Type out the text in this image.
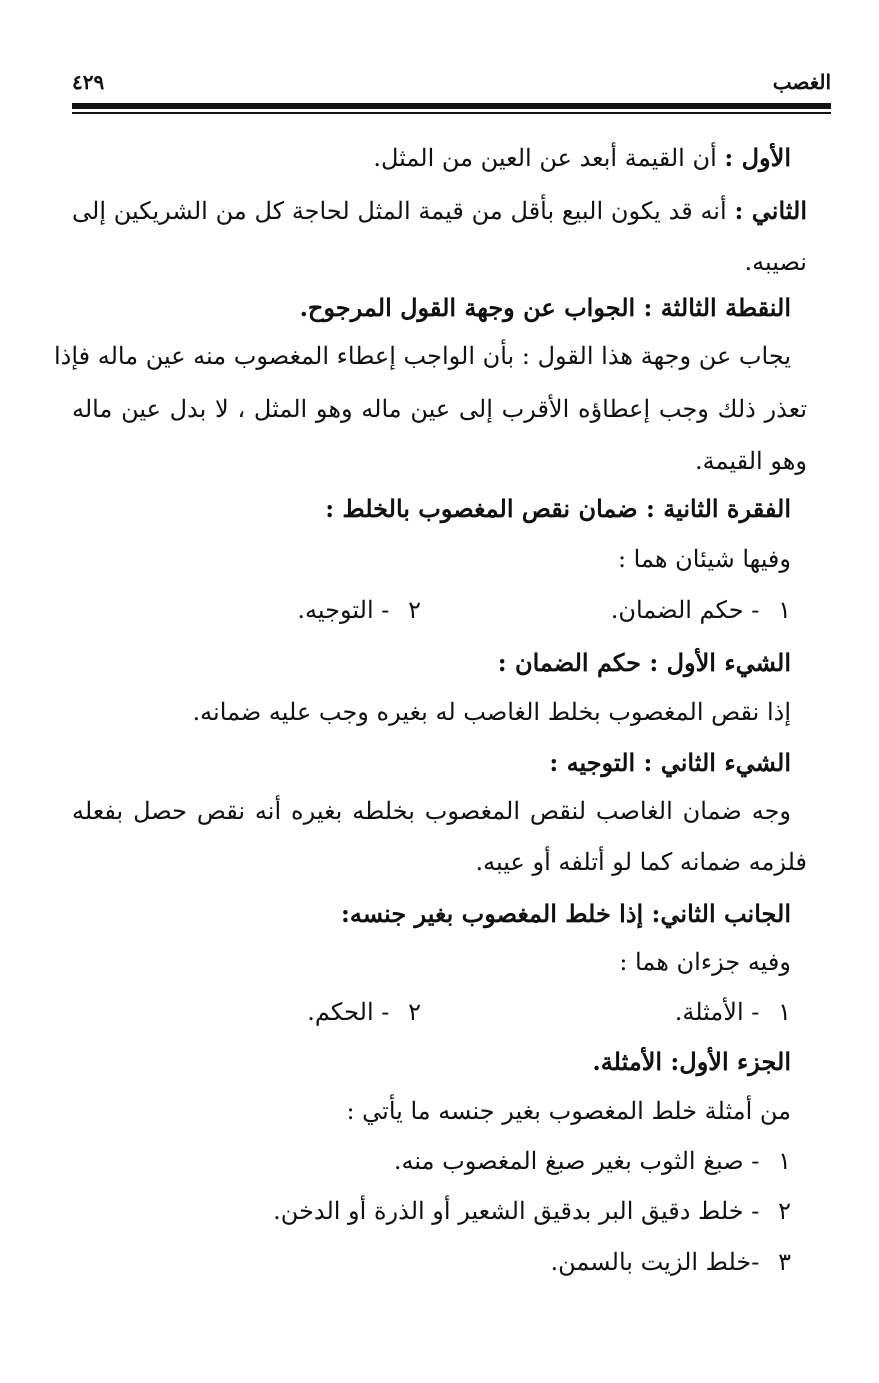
الغصب
٤٢٩
الأول : أن القيمة أبعد عن العين من المثل.
الثاني : أنه قد يكون البيع بأقل من قيمة المثل لحاجة كل من الشريكين إلى
نصيبه.
النقطة الثالثة : الجواب عن وجهة القول المرجوح.
يجاب عن وجهة هذا القول : بأن الواجب إعطاء المغصوب منه عين ماله فإذا
تعذر ذلك وجب إعطاؤه الأقرب إلى عين ماله وهو المثل ، لا بدل عين ماله
وهو القيمة.
الفقرة الثانية : ضمان نقص المغصوب بالخلط :
وفيها شيئان هما :
١ - حكم الضمان.
٢ - التوجيه.
الشيء الأول : حكم الضمان :
إذا نقص المغصوب بخلط الغاصب له بغيره وجب عليه ضمانه.
الشيء الثاني : التوجيه :
وجه ضمان الغاصب لنقص المغصوب بخلطه بغيره أنه نقص حصل بفعله
فلزمه ضمانه كما لو أتلفه أو عيبه.
الجانب الثاني: إذا خلط المغصوب بغير جنسه:
وفيه جزءان هما :
١ - الأمثلة.
٢ - الحكم.
الجزء الأول: الأمثلة.
من أمثلة خلط المغصوب بغير جنسه ما يأتي :
١ - صبغ الثوب بغير صبغ المغصوب منه.
٢ - خلط دقيق البر بدقيق الشعير أو الذرة أو الدخن.
٣ -خلط الزيت بالسمن.
